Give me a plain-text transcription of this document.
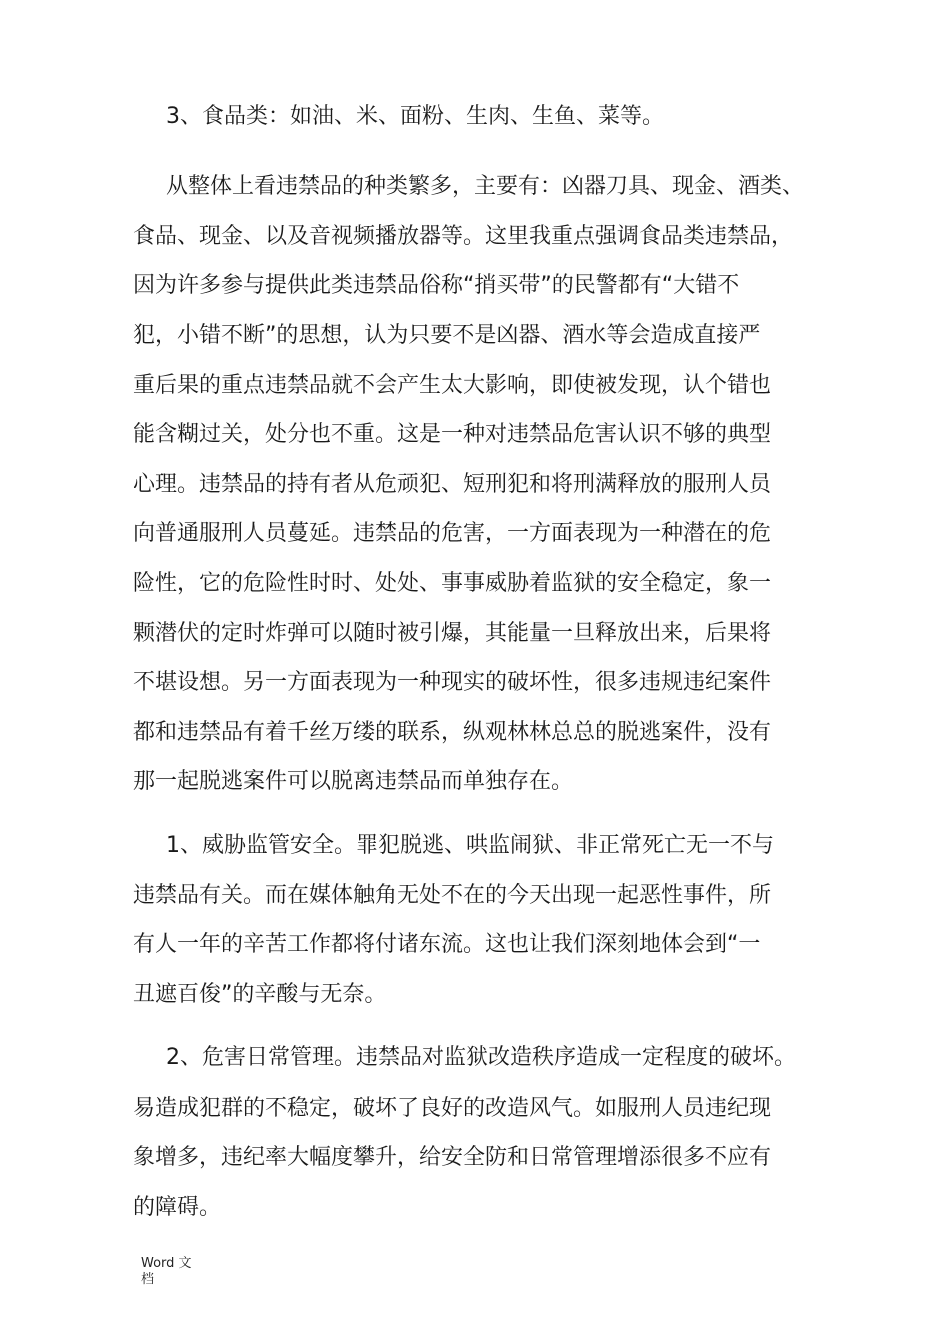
3、食品类：如油、米、面粉、生肉、生鱼、菜等。

从整体上看违禁品的种类繁多，主要有：凶器刀具、现金、酒类、

食品、现金、以及音视频播放器等。这里我重点强调食品类违禁品，

因为许多参与提供此类违禁品俗称“捎买带”的民警都有“大错不

犯，小错不断”的思想，认为只要不是凶器、酒水等会造成直接严

重后果的重点违禁品就不会产生太大影响，即使被发现，认个错也

能含糊过关，处分也不重。这是一种对违禁品危害认识不够的典型

心理。违禁品的持有者从危顽犯、短刑犯和将刑满释放的服刑人员

向普通服刑人员蔓延。违禁品的危害，一方面表现为一种潜在的危

险性，它的危险性时时、处处、事事威胁着监狱的安全稳定，象一

颗潜伏的定时炸弹可以随时被引爆，其能量一旦释放出来，后果将

不堪设想。另一方面表现为一种现实的破坏性，很多违规违纪案件

都和违禁品有着千丝万缕的联系，纵观林林总总的脱逃案件，没有

那一起脱逃案件可以脱离违禁品而单独存在。

1、威胁监管安全。罪犯脱逃、哄监闹狱、非正常死亡无一不与

违禁品有关。而在媒体触角无处不在的今天出现一起恶性事件，所

有人一年的辛苦工作都将付诸东流。这也让我们深刻地体会到“一

丑遮百俊”的辛酸与无奈。

2、危害日常管理。违禁品对监狱改造秩序造成一定程度的破坏。

易造成犯群的不稳定，破坏了良好的改造风气。如服刑人员违纪现

象增多，违纪率大幅度攀升，给安全防和日常管理增添很多不应有

的障碍。

Word 文
档
